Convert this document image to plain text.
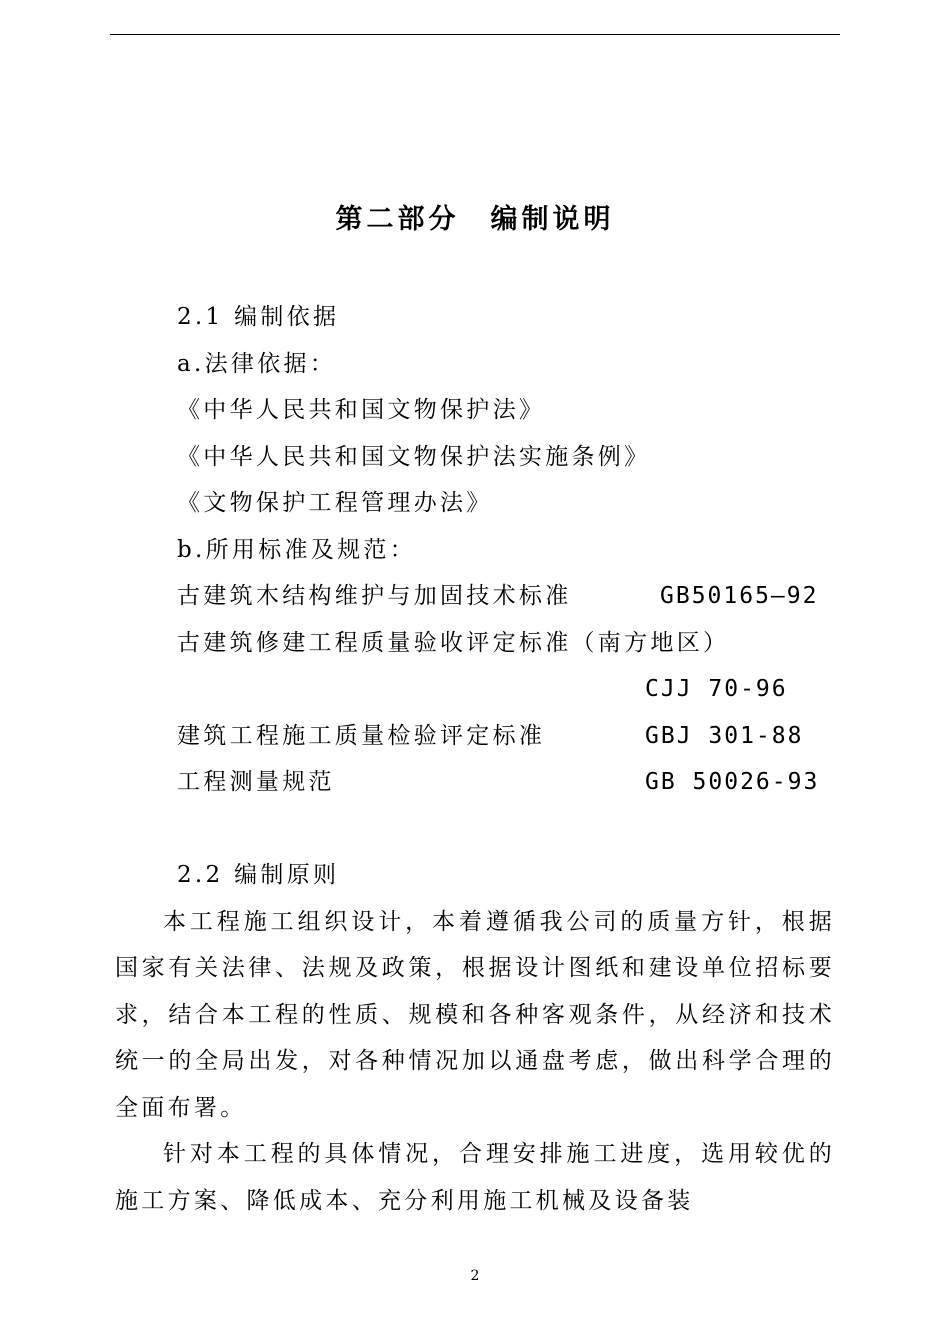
第二部分　编制说明
2.1 编制依据
a.法律依据：
《中华人民共和国文物保护法》
《中华人民共和国文物保护法实施条例》
《文物保护工程管理办法》
b.所用标准及规范：
古建筑木结构维护与加固技术标准	GB50165—92
古建筑修建工程质量验收评定标准（南方地区）
CJJ 70-96
建筑工程施工质量检验评定标准	GBJ 301-88
工程测量规范	GB 50026-93
2.2 编制原则
本工程施工组织设计，本着遵循我公司的质量方针，根据国家有关法律、法规及政策，根据设计图纸和建设单位招标要求，结合本工程的性质、规模和各种客观条件，从经济和技术统一的全局出发，对各种情况加以通盘考虑，做出科学合理的全面布署。
针对本工程的具体情况，合理安排施工进度，选用较优的施工方案、降低成本、充分利用施工机械及设备装
2
